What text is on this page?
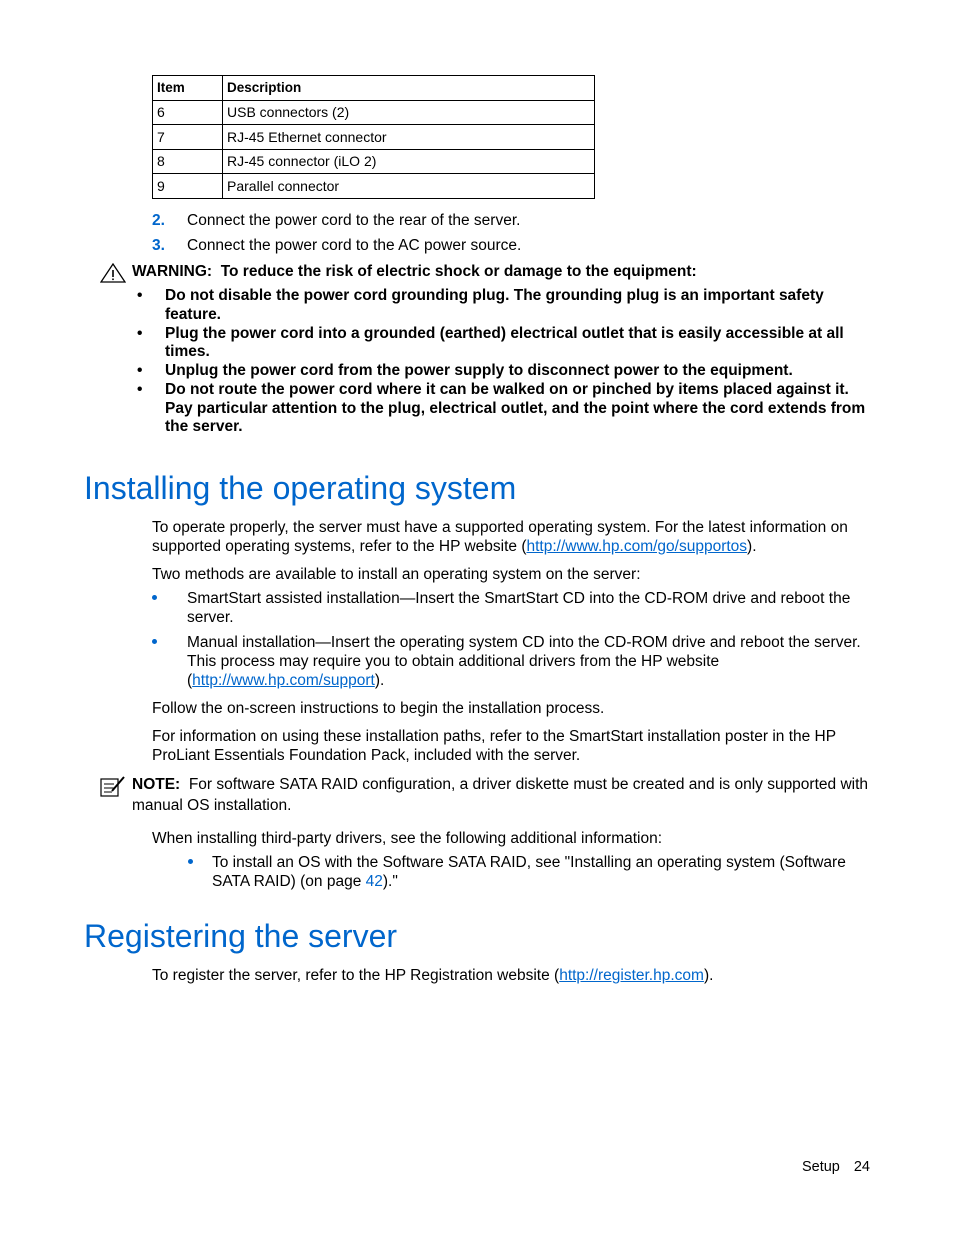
Item	Description
6	USB connectors (2)
7	RJ-45 Ethernet connector
8	RJ-45 connector (iLO 2)
9	Parallel connector
2. Connect the power cord to the rear of the server.
3. Connect the power cord to the AC power source.
WARNING:
To reduce the risk of electric shock or damage to the equipment:
• Do not disable the power cord grounding plug. The grounding plug is an important safety feature.
• Plug the power cord into a grounded (earthed) electrical outlet that is easily accessible at all times.
• Unplug the power cord from the power supply to disconnect power to the equipment.
• Do not route the power cord where it can be walked on or pinched by items placed against it. Pay particular attention to the plug, electrical outlet, and the point where the cord extends from the server.
Installing the operating system

To operate properly, the server must have a supported operating system. For the latest information on supported operating systems, refer to the HP website (http://www.hp.com/go/supportos).

Two methods are available to install an operating system on the server:

SmartStart assisted installation—Insert the SmartStart CD into the CD-ROM drive and reboot the server.
Manual installation—Insert the operating system CD into the CD-ROM drive and reboot the server. This process may require you to obtain additional drivers from the HP website (http://www.hp.com/support).

Follow the on-screen instructions to begin the installation process.

For information on using these installation paths, refer to the SmartStart installation poster in the HP ProLiant Essentials Foundation Pack, included with the server.

NOTE: For software SATA RAID configuration, a driver diskette must be created and is only supported with manual OS installation.

When installing third-party drivers, see the following additional information:

To install an OS with the Software SATA RAID, see "Installing an operating system (Software SATA RAID) (on page 42)."
Registering the server

To register the server, refer to the HP Registration website (http://register.hp.com).

Setup 24
